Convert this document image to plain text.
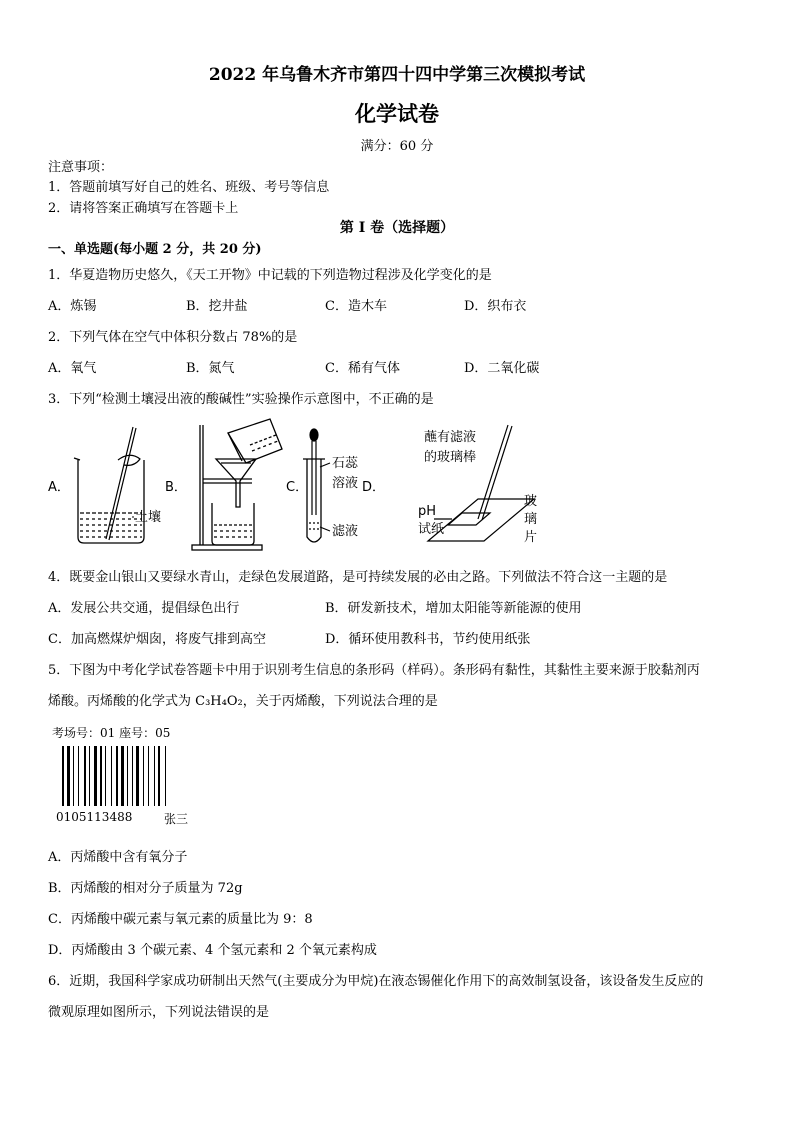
2022 年乌鲁木齐市第四十四中学第三次模拟考试
化学试卷
满分：60 分
注意事项：
1．答题前填写好自己的姓名、班级、考号等信息
2．请将答案正确填写在答题卡上
第 I 卷（选择题）
一、单选题(每小题 2 分，共 20 分)
1．华夏造物历史悠久，《天工开物》中记载的下列造物过程涉及化学变化的是
A．炼锡	B．挖井盐	C．造木车	D．织布衣
2．下列气体在空气中体积分数占 78%的是
A．氧气	B．氮气	C．稀有气体	D．二氧化碳
3．下列“检测土壤浸出液的酸碱性”实验操作示意图中，不正确的是
A．
土壤
B．	C．
石蕊
溶液
滤液
D．
蘸有滤液
的玻璃棒
pH
试纸
玻
璃
片
4．既要金山银山又要绿水青山，走绿色发展道路，是可持续发展的必由之路。下列做法不符合这一主题的是
A．发展公共交通，提倡绿色出行	B．研发新技术，增加太阳能等新能源的使用
C．加高燃煤炉烟囱，将废气排到高空	D．循环使用教科书，节约使用纸张
5．下图为中考化学试卷答题卡中用于识别考生信息的条形码（样码）。条形码有黏性，其黏性主要来源于胶黏剂丙
烯酸。丙烯酸的化学式为 C₃H₄O₂，关于丙烯酸，下列说法合理的是
考场号：01 座号：05
0105113488	张三
A．丙烯酸中含有氧分子
B．丙烯酸的相对分子质量为 72g
C．丙烯酸中碳元素与氧元素的质量比为 9：8
D．丙烯酸由 3 个碳元素、4 个氢元素和 2 个氧元素构成
6．近期，我国科学家成功研制出天然气(主要成分为甲烷)在液态锡催化作用下的高效制氢设备，该设备发生反应的
微观原理如图所示，下列说法错误的是
